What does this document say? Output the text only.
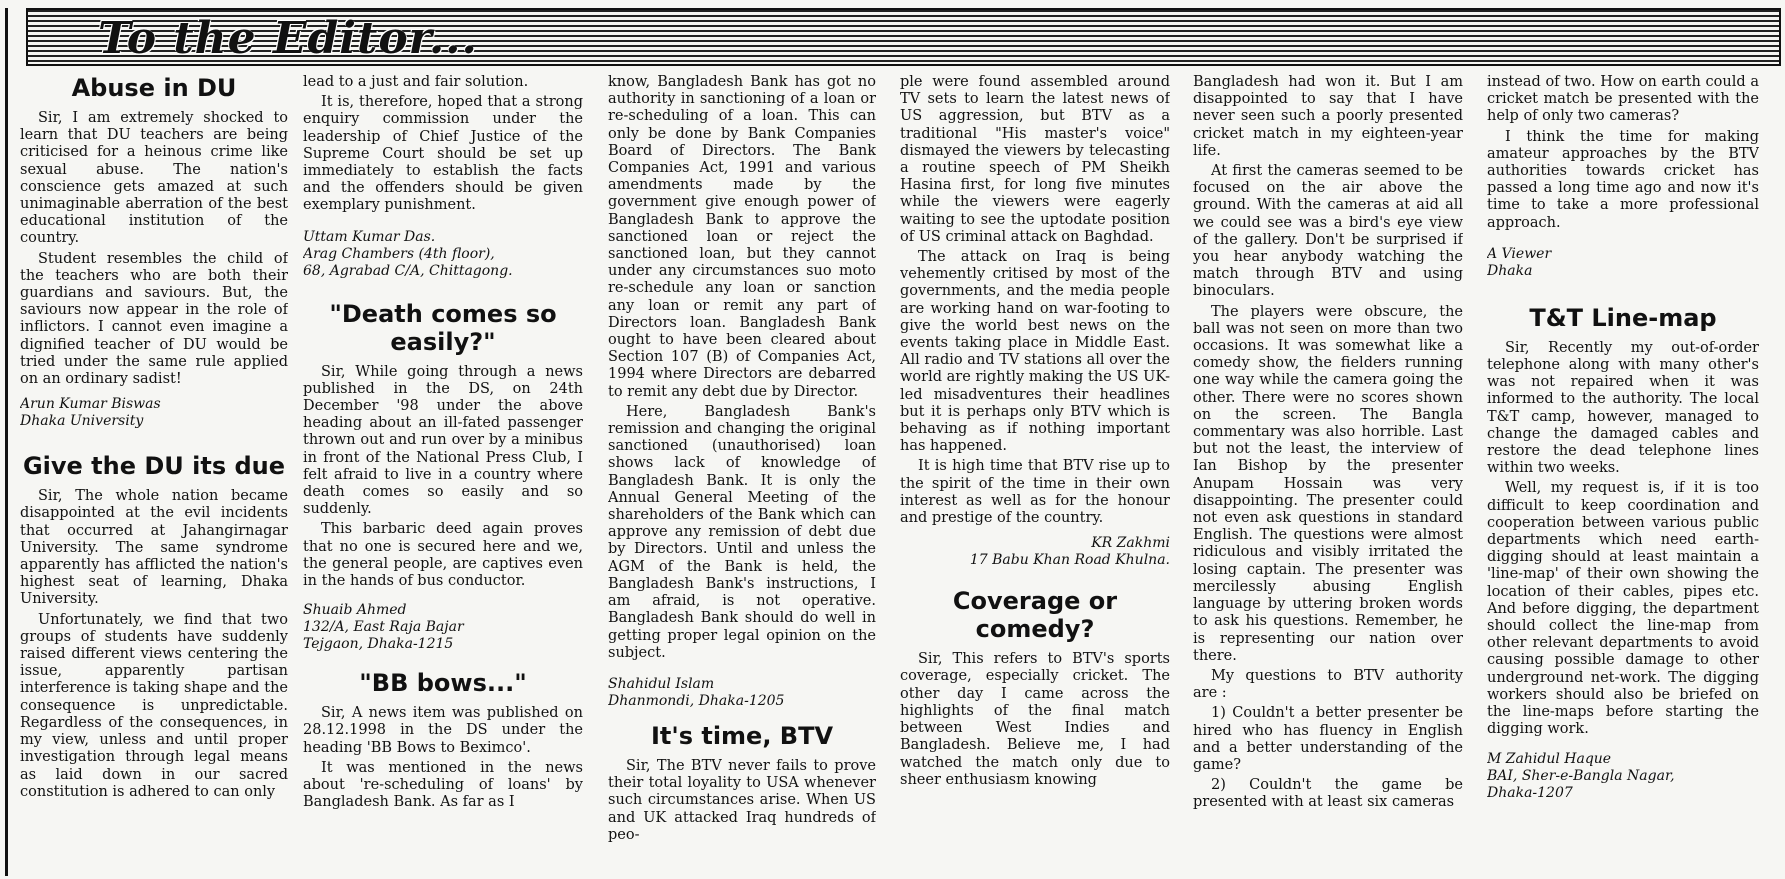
To the Editor...
Abuse in DU

Sir, I am extremely shocked to learn that DU teachers are being criticised for a heinous crime like sexual abuse. The nation's conscience gets amazed at such unimaginable aberration of the best educational institution of the country.

Student resembles the child of the teachers who are both their guardians and saviours. But, the saviours now appear in the role of inflictors. I cannot even imagine a dignified teacher of DU would be tried under the same rule applied on an ordinary sadist!

Arun Kumar Biswas
Dhaka University
Give the DU its due

Sir, The whole nation became disappointed at the evil incidents that occurred at Jahangirnagar University. The same syndrome apparently has afflicted the nation's highest seat of learning, Dhaka University.

Unfortunately, we find that two groups of students have suddenly raised different views centering the issue, apparently partisan interference is taking shape and the consequence is unpredictable. Regardless of the consequences, in my view, unless and until proper investigation through legal means as laid down in our sacred constitution is adhered to can only

lead to a just and fair solution.

It is, therefore, hoped that a strong enquiry commission under the leadership of Chief Justice of the Supreme Court should be set up immediately to establish the facts and the offenders should be given exemplary punishment.

Uttam Kumar Das.
Arag Chambers (4th floor),
68, Agrabad C/A, Chittagong.
"Death comes so easily?"

Sir, While going through a news published in the DS, on 24th December '98 under the above heading about an ill-fated passenger thrown out and run over by a minibus in front of the National Press Club, I felt afraid to live in a country where death comes so easily and so suddenly.

This barbaric deed again proves that no one is secured here and we, the general people, are captives even in the hands of bus conductor.

Shuaib Ahmed
132/A, East Raja Bajar
Tejgaon, Dhaka-1215
"BB bows..."

Sir, A news item was published on 28.12.1998 in the DS under the heading 'BB Bows to Beximco'.

It was mentioned in the news about 're-scheduling of loans' by Bangladesh Bank. As far as I

know, Bangladesh Bank has got no authority in sanctioning of a loan or re-scheduling of a loan. This can only be done by Bank Companies Board of Directors. The Bank Companies Act, 1991 and various amendments made by the government give enough power of Bangladesh Bank to approve the sanctioned loan or reject the sanctioned loan, but they cannot under any circumstances suo moto re-schedule any loan or sanction any loan or remit any part of Directors loan. Bangladesh Bank ought to have been cleared about Section 107 (B) of Companies Act, 1994 where Directors are debarred to remit any debt due by Director.

Here, Bangladesh Bank's remission and changing the original sanctioned (unauthorised) loan shows lack of knowledge of Bangladesh Bank. It is only the Annual General Meeting of the shareholders of the Bank which can approve any remission of debt due by Directors. Until and unless the AGM of the Bank is held, the Bangladesh Bank's instructions, I am afraid, is not operative. Bangladesh Bank should do well in getting proper legal opinion on the subject.

Shahidul Islam
Dhanmondi, Dhaka-1205
It's time, BTV

Sir, The BTV never fails to prove their total loyality to USA whenever such circumstances arise. When US and UK attacked Iraq hundreds of peo-

ple were found assembled around TV sets to learn the latest news of US aggression, but BTV as a traditional "His master's voice" dismayed the viewers by telecasting a routine speech of PM Sheikh Hasina first, for long five minutes while the viewers were eagerly waiting to see the uptodate position of US criminal attack on Baghdad.

The attack on Iraq is being vehemently critised by most of the governments, and the media people are working hand on war-footing to give the world best news on the events taking place in Middle East. All radio and TV stations all over the world are rightly making the US UK-led misadventures their headlines but it is perhaps only BTV which is behaving as if nothing important has happened.

It is high time that BTV rise up to the spirit of the time in their own interest as well as for the honour and prestige of the country.

KR Zakhmi
17 Babu Khan Road Khulna.
Coverage or comedy?

Sir, This refers to BTV's sports coverage, especially cricket. The other day I came across the highlights of the final match between West Indies and Bangladesh. Believe me, I had watched the match only due to sheer enthusiasm knowing

Bangladesh had won it. But I am disappointed to say that I have never seen such a poorly presented cricket match in my eighteen-year life.

At first the cameras seemed to be focused on the air above the ground. With the cameras at aid all we could see was a bird's eye view of the gallery. Don't be surprised if you hear anybody watching the match through BTV and using binoculars.

The players were obscure, the ball was not seen on more than two occasions. It was somewhat like a comedy show, the fielders running one way while the camera going the other. There were no scores shown on the screen. The Bangla commentary was also horrible. Last but not the least, the interview of Ian Bishop by the presenter Anupam Hossain was very disappointing. The presenter could not even ask questions in standard English. The questions were almost ridiculous and visibly irritated the losing captain. The presenter was mercilessly abusing English language by uttering broken words to ask his questions. Remember, he is representing our nation over there.

My questions to BTV authority are :

1) Couldn't a better presenter be hired who has fluency in English and a better understanding of the game?

2) Couldn't the game be presented with at least six cameras

instead of two. How on earth could a cricket match be presented with the help of only two cameras?

I think the time for making amateur approaches by the BTV authorities towards cricket has passed a long time ago and now it's time to take a more professional approach.

A Viewer
Dhaka
T&T Line-map

Sir, Recently my out-of-order telephone along with many other's was not repaired when it was informed to the authority. The local T&T camp, however, managed to change the damaged cables and restore the dead telephone lines within two weeks.

Well, my request is, if it is too difficult to keep coordination and cooperation between various public departments which need earth-digging should at least maintain a 'line-map' of their own showing the location of their cables, pipes etc. And before digging, the department should collect the line-map from other relevant departments to avoid causing possible damage to other underground net-work. The digging workers should also be briefed on the line-maps before starting the digging work.

M Zahidul Haque
BAI, Sher-e-Bangla Nagar,
Dhaka-1207
